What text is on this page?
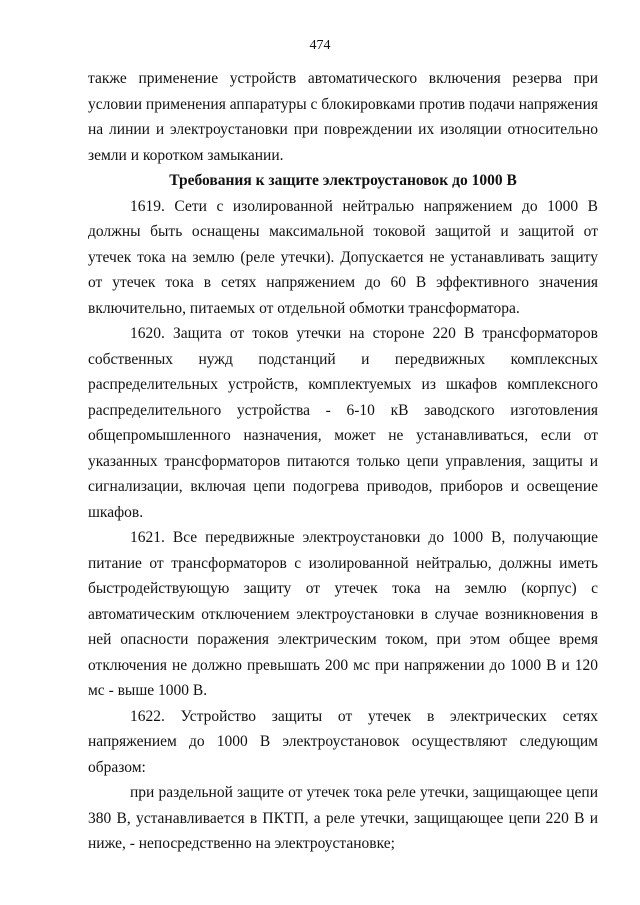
474

также применение устройств автоматического включения резерва при условии применения аппаратуры с блокировками против подачи напряжения на линии и электроустановки при повреждении их изоляции относительно земли и коротком замыкании.

Требования к защите электроустановок до 1000 В

1619. Сети с изолированной нейтралью напряжением до 1000 В должны быть оснащены максимальной токовой защитой и защитой от утечек тока на землю (реле утечки). Допускается не устанавливать защиту от утечек тока в сетях напряжением до 60 В эффективного значения включительно, питаемых от отдельной обмотки трансформатора.

1620. Защита от токов утечки на стороне 220 В трансформаторов собственных нужд подстанций и передвижных комплексных распределительных устройств, комплектуемых из шкафов комплексного распределительного устройства - 6-10 кВ заводского изготовления общепромышленного назначения, может не устанавливаться, если от указанных трансформаторов питаются только цепи управления, защиты и сигнализации, включая цепи подогрева приводов, приборов и освещение шкафов.

1621. Все передвижные электроустановки до 1000 В, получающие питание от трансформаторов с изолированной нейтралью, должны иметь быстродействующую защиту от утечек тока на землю (корпус) с автоматическим отключением электроустановки в случае возникновения в ней опасности поражения электрическим током, при этом общее время отключения не должно превышать 200 мс при напряжении до 1000 В и 120 мс - выше 1000 В.

1622. Устройство защиты от утечек в электрических сетях напряжением до 1000 В электроустановок осуществляют следующим образом:

при раздельной защите от утечек тока реле утечки, защищающее цепи 380 В, устанавливается в ПКТП, а реле утечки, защищающее цепи 220 В и ниже, - непосредственно на электроустановке;
